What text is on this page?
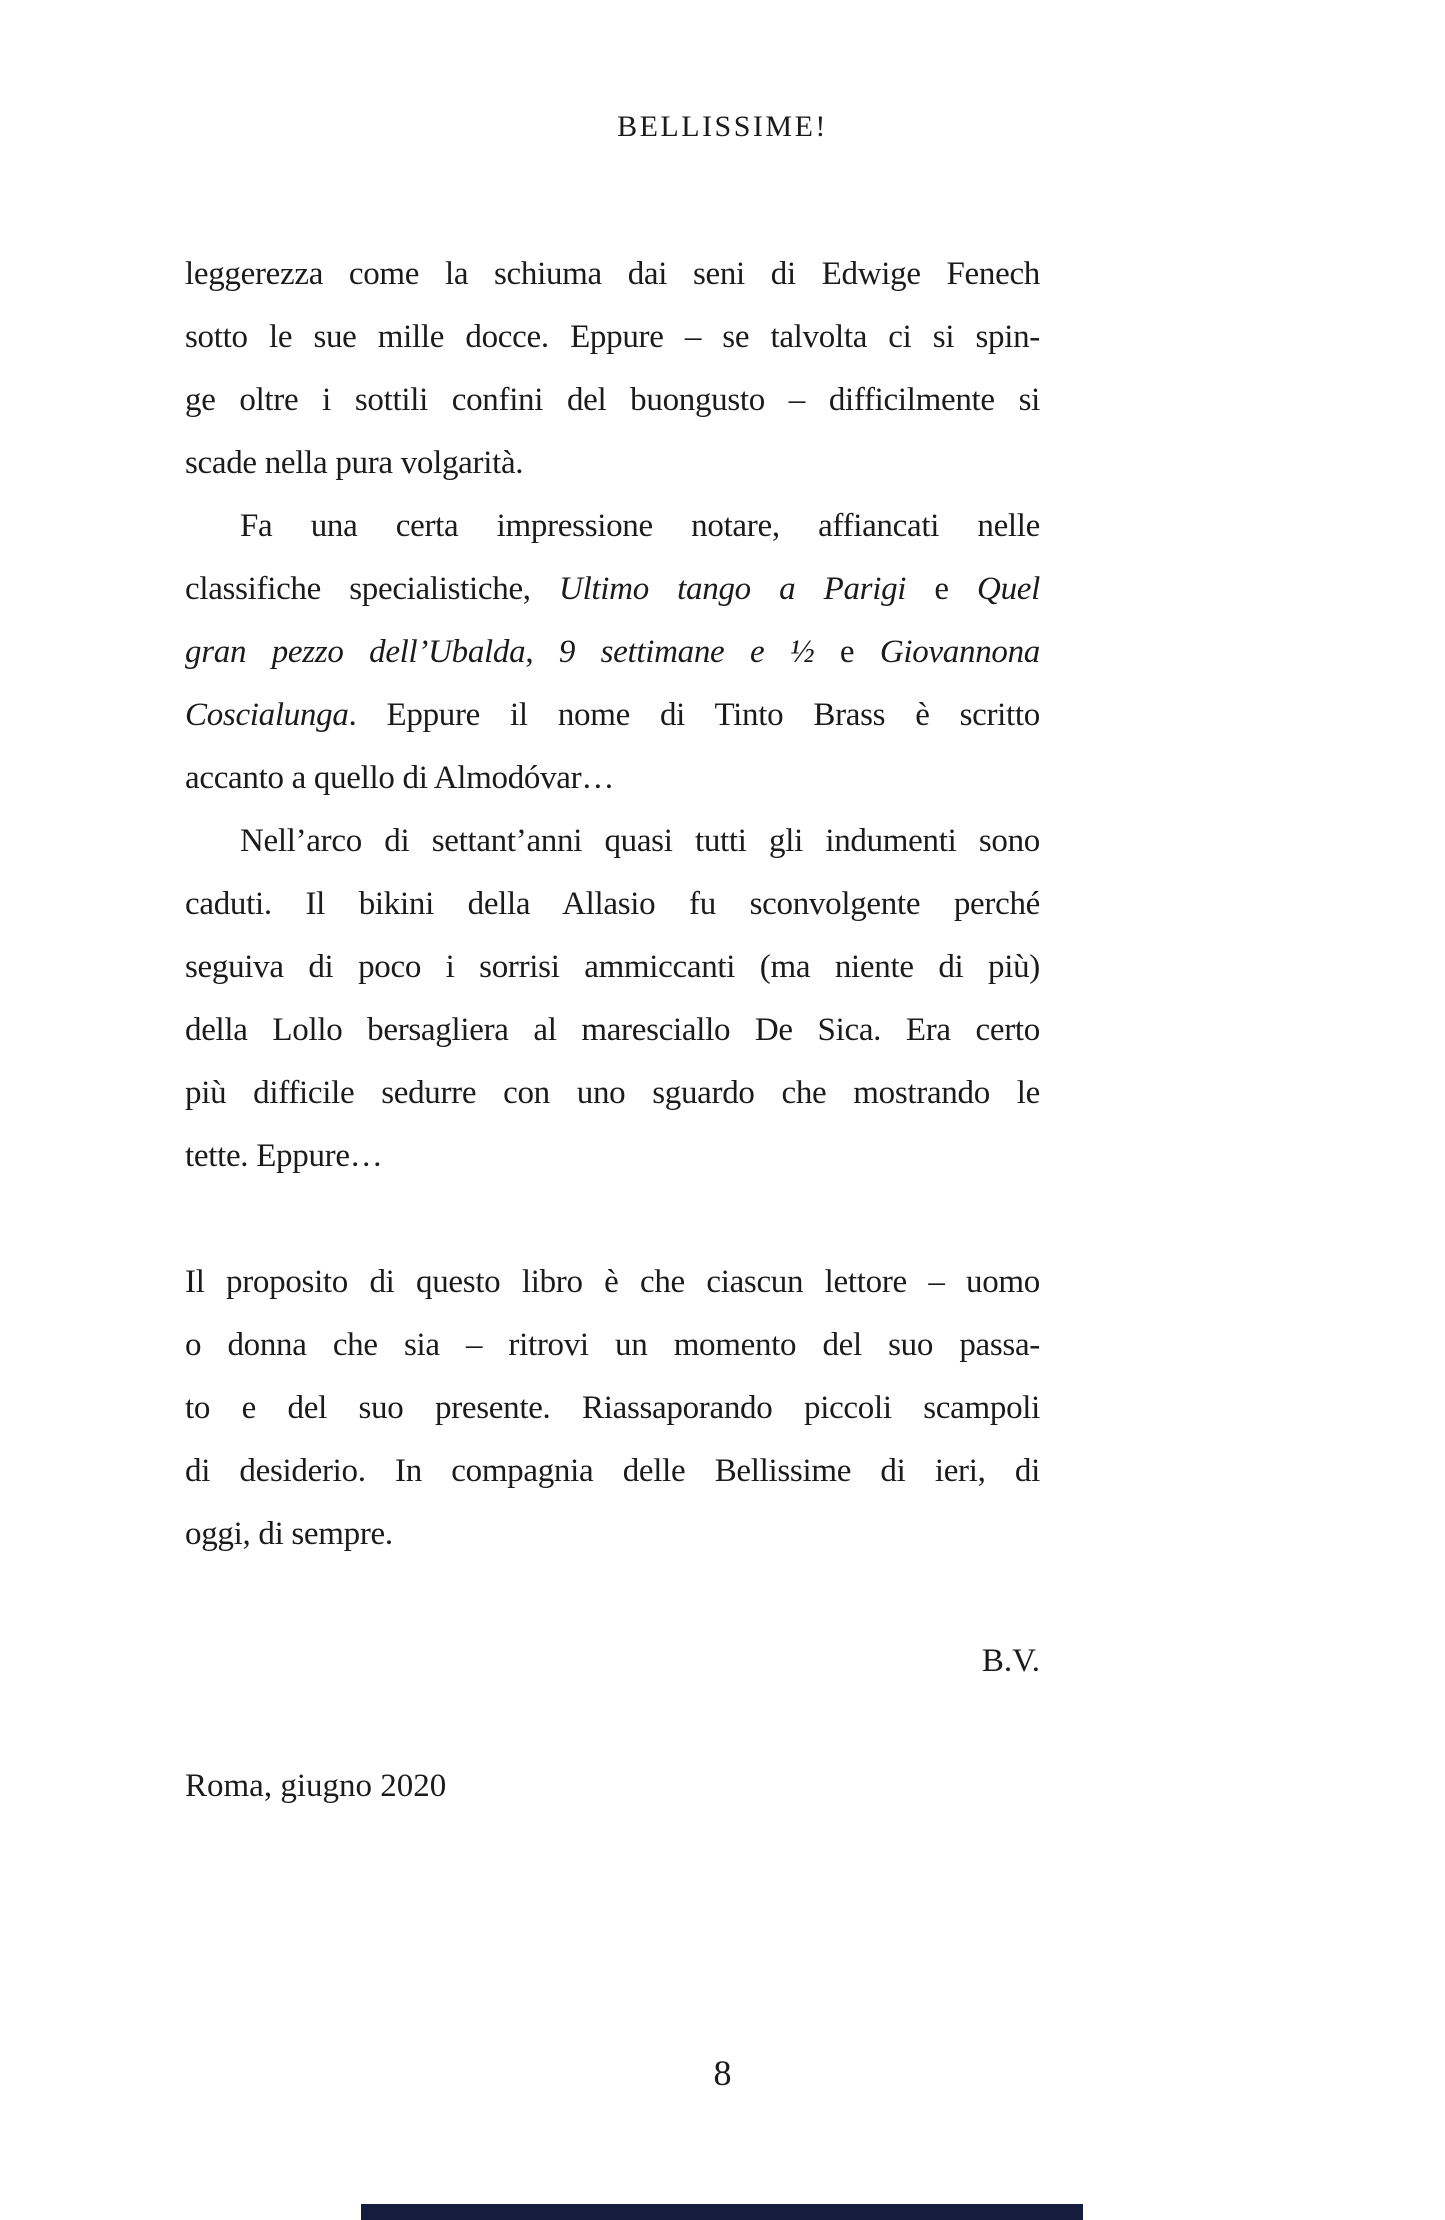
BELLISSIME!
leggerezza come la schiuma dai seni di Edwige Fenech
sotto le sue mille docce. Eppure – se talvolta ci si spin-
ge oltre i sottili confini del buongusto – difficilmente si
scade nella pura volgarità.
Fa una certa impressione notare, affiancati nelle
classifiche specialistiche, Ultimo tango a Parigi e Quel
gran pezzo dell’Ubalda, 9 settimane e ½ e Giovannona
Coscialunga. Eppure il nome di Tinto Brass è scritto
accanto a quello di Almodóvar…
Nell’arco di settant’anni quasi tutti gli indumenti sono
caduti. Il bikini della Allasio fu sconvolgente perché
seguiva di poco i sorrisi ammiccanti (ma niente di più)
della Lollo bersagliera al maresciallo De Sica. Era certo
più difficile sedurre con uno sguardo che mostrando le
tette. Eppure…
Il proposito di questo libro è che ciascun lettore – uomo
o donna che sia – ritrovi un momento del suo passa-
to e del suo presente. Riassaporando piccoli scampoli
di desiderio. In compagnia delle Bellissime di ieri, di
oggi, di sempre.
B.V.
Roma, giugno 2020
8
